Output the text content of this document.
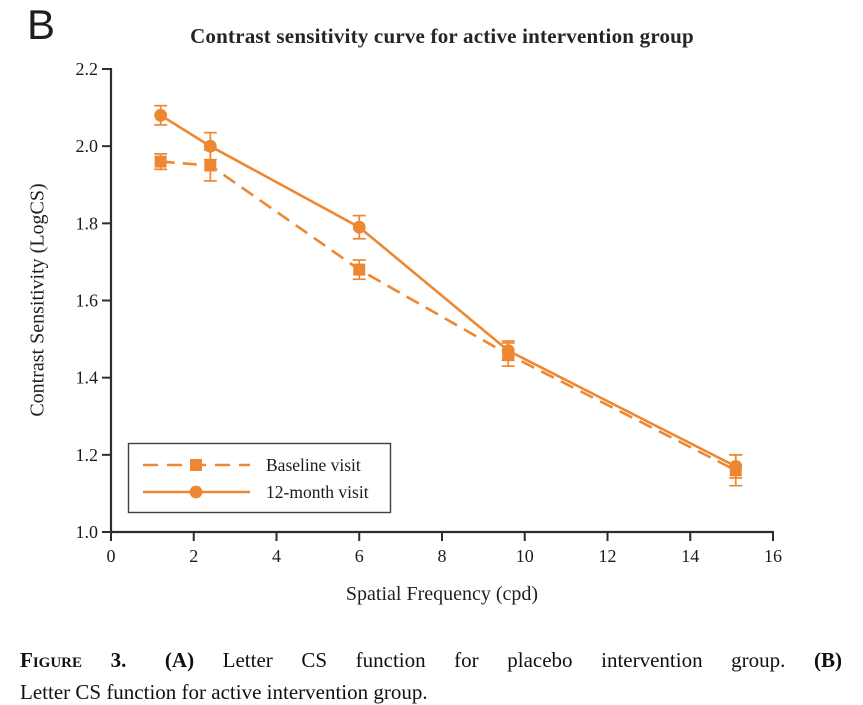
B	Contrast sensitivity curve for active intervention group
0	2	4	6	8	10	12	14	16
1.0
1.2
1.4
1.6
1.8
2.0
2.2
Baseline visit
12-month visit
Contrast Sensitivity (LogCS)
Spatial Frequency (cpd)
Figure 3. (A) Letter CS function for placebo intervention group. (B)
Letter CS function for active intervention group.
